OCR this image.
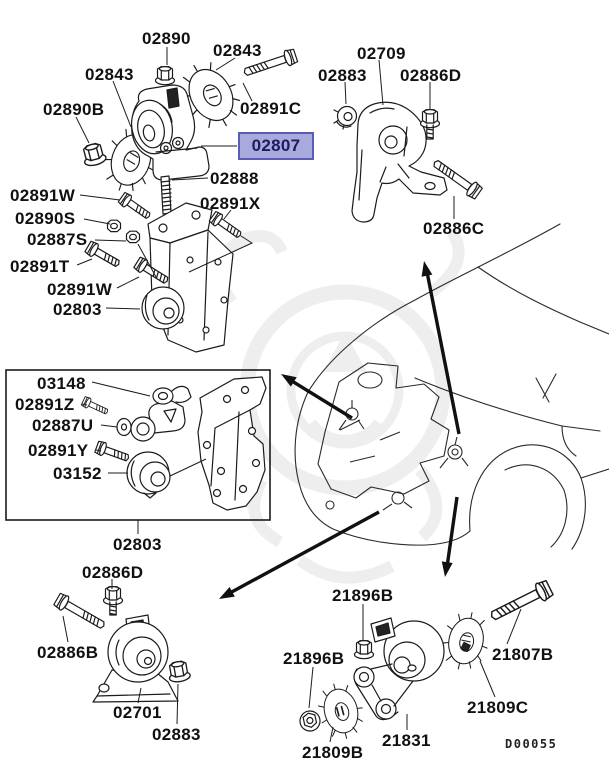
02890
02843
02843
02890B	02891C
02807
02888
02891W	02891X
02890S
02887S
02891T
02891W
02803
02709
02883 02886D
02886C
03148
02891Z
02887U
02891Y
03152
02803
02886D
02886B
02701
02883
21896B
21896B	21807B
21809C
21831
21809B	D00055
